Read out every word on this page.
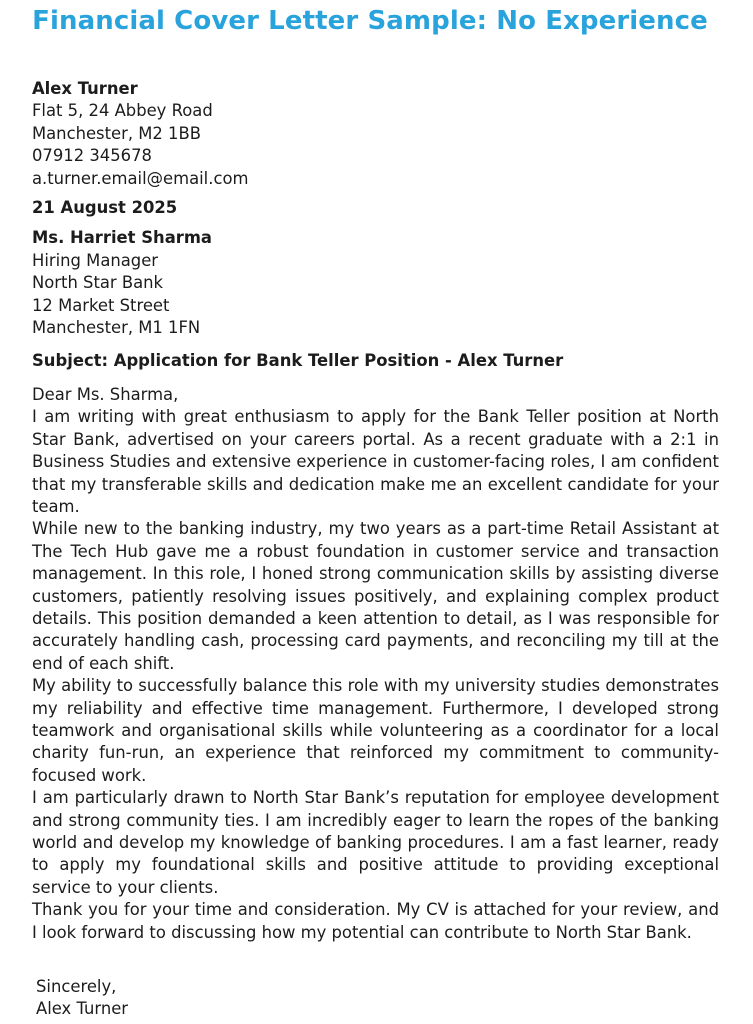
Financial Cover Letter Sample: No Experience
Alex Turner
Flat 5, 24 Abbey Road
Manchester, M2 1BB
07912 345678
a.turner.email@email.com
21 August 2025
Ms. Harriet Sharma
Hiring Manager
North Star Bank
12 Market Street
Manchester, M1 1FN
Subject: Application for Bank Teller Position - Alex Turner
Dear Ms. Sharma,

I am writing with great enthusiasm to apply for the Bank Teller position at North Star Bank, advertised on your careers portal. As a recent graduate with a 2:1 in Business Studies and extensive experience in customer-facing roles, I am confident that my transferable skills and dedication make me an excellent candidate for your team.

While new to the banking industry, my two years as a part-time Retail Assistant at The Tech Hub gave me a robust foundation in customer service and transaction management. In this role, I honed strong communication skills by assisting diverse customers, patiently resolving issues positively, and explaining complex product details. This position demanded a keen attention to detail, as I was responsible for accurately handling cash, processing card payments, and reconciling my till at the end of each shift.

My ability to successfully balance this role with my university studies demonstrates my reliability and effective time management. Furthermore, I developed strong teamwork and organisational skills while volunteering as a coordinator for a local charity fun-run, an experience that reinforced my commitment to community-focused work.

I am particularly drawn to North Star Bank’s reputation for employee development and strong community ties. I am incredibly eager to learn the ropes of the banking world and develop my knowledge of banking procedures. I am a fast learner, ready to apply my foundational skills and positive attitude to providing exceptional service to your clients.

Thank you for your time and consideration. My CV is attached for your review, and I look forward to discussing how my potential can contribute to North Star Bank.

Sincerely,
Alex Turner
